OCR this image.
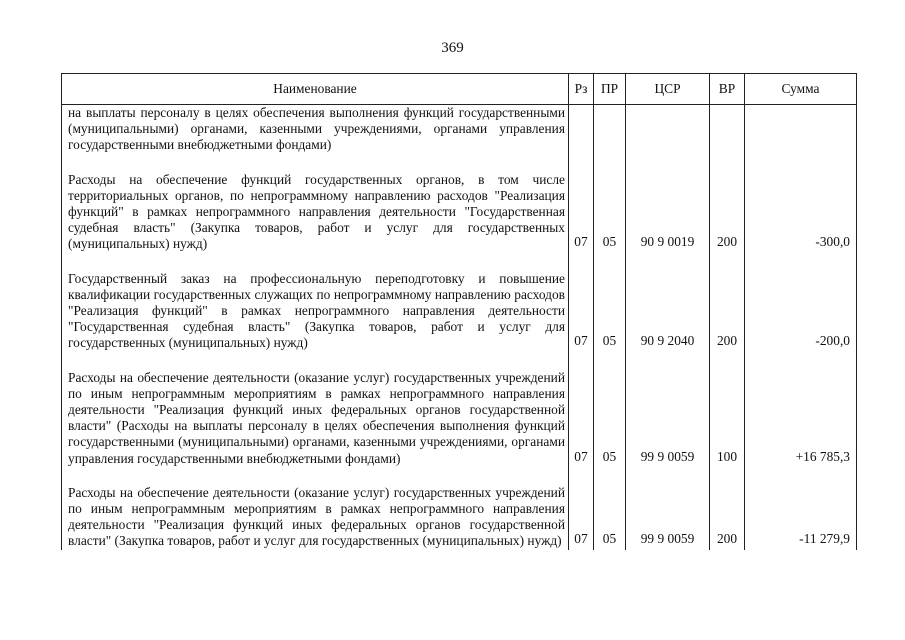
369
Наименование	Рз	ПР	ЦСР	ВР	Сумма
на выплаты персоналу в целях обеспечения выполнения функций государственными (муниципальными) органами, казенными учреждениями, органами управления государственными внебюджетными фондами)					
Расходы на обеспечение функций государственных органов, в том числе территориальных органов, по непрограммному направлению расходов "Реализация функций" в рамках непрограммного направления деятельности "Государственная судебная власть" (Закупка товаров, работ и услуг для государственных (муниципальных) нужд)	07	05	90 9 0019	200	-300,0
Государственный заказ на профессиональную переподготовку и повышение квалификации государственных служащих по непрограммному направлению расходов "Реализация функций" в рамках непрограммного направления деятельности "Государственная судебная власть" (Закупка товаров, работ и услуг для государственных (муниципальных) нужд)	07	05	90 9 2040	200	-200,0
Расходы на обеспечение деятельности (оказание услуг) государственных учреждений по иным непрограммным мероприятиям в рамках непрограммного направления деятельности "Реализация функций иных федеральных органов государственной власти" (Расходы на выплаты персоналу в целях обеспечения выполнения функций государственными (муниципальными) органами, казенными учреждениями, органами управления государственными внебюджетными фондами)	07	05	99 9 0059	100	+16 785,3
Расходы на обеспечение деятельности (оказание услуг) государственных учреждений по иным непрограммным мероприятиям в рамках непрограммного направления деятельности "Реализация функций иных федеральных органов государственной власти" (Закупка товаров, работ и услуг для государственных (муниципальных) нужд)	07	05	99 9 0059	200	-11 279,9
